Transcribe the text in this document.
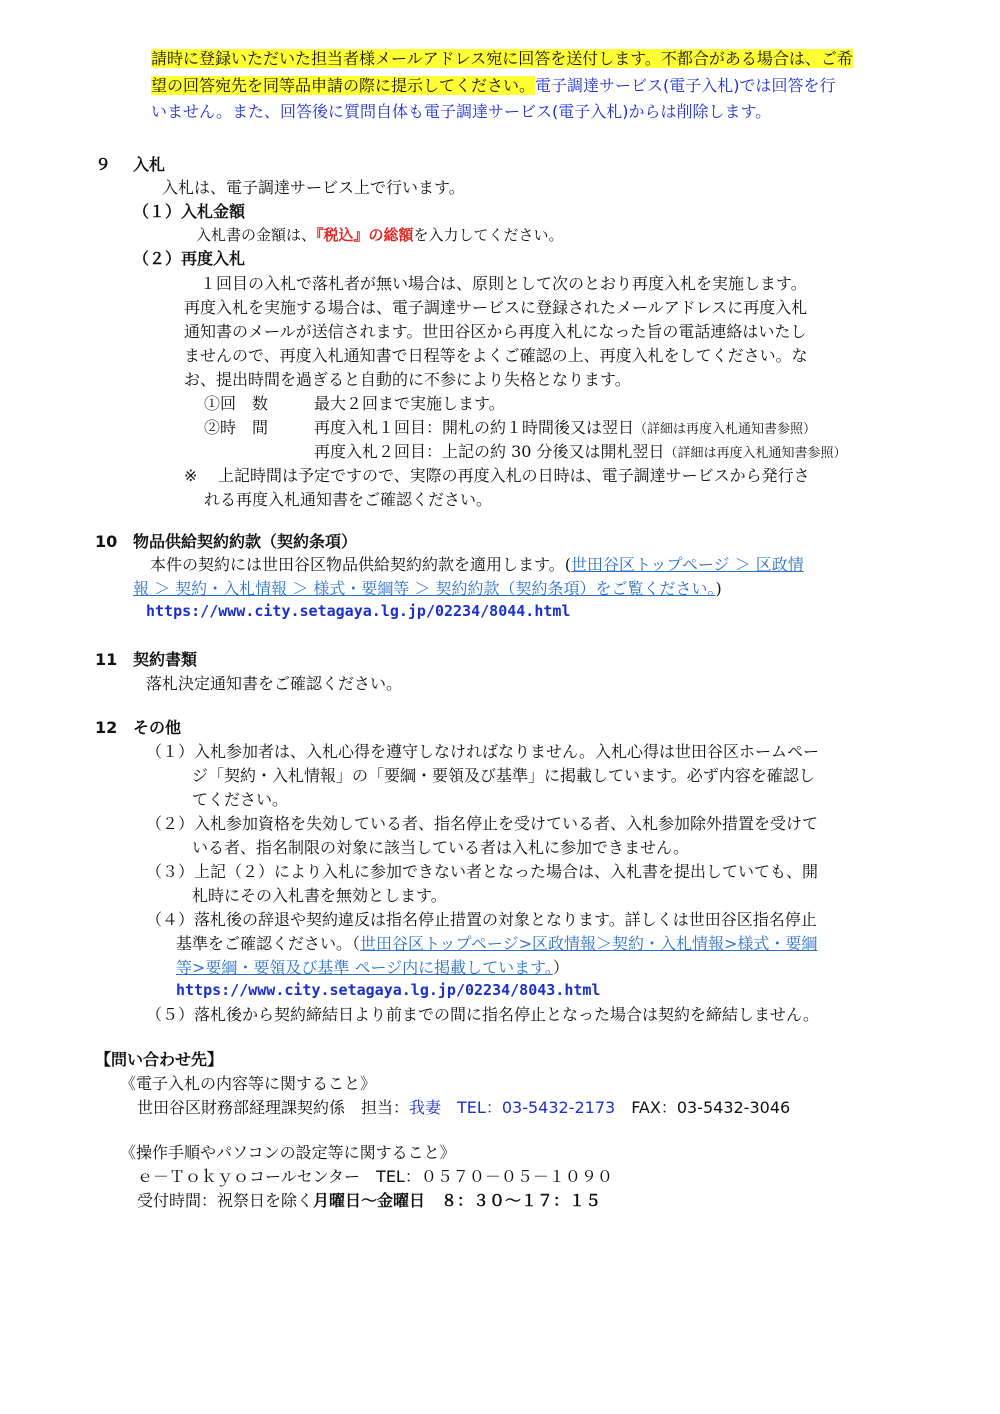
請時に登録いただいた担当者様メールアドレス宛に回答を送付します。不都合がある場合は、ご希
望の回答宛先を同等品申請の際に提示してください。電子調達サービス(電子入札)では回答を行
いません。また、回答後に質問自体も電子調達サービス(電子入札)からは削除します。
９ 入札
入札は、電子調達サービス上で行います。
（１）入札金額
入札書の金額は、『税込』の総額を入力してください。
（２）再度入札
１回目の入札で落札者が無い場合は、原則として次のとおり再度入札を実施します。
再度入札を実施する場合は、電子調達サービスに登録されたメールアドレスに再度入札
通知書のメールが送信されます。世田谷区から再度入札になった旨の電話連絡はいたし
ませんので、再度入札通知書で日程等をよくご確認の上、再度入札をしてください。な
お、提出時間を過ぎると自動的に不参により失格となります。
①回　数	最大２回まで実施します。
②時　間	再度入札１回目：開札の約１時間後又は翌日（詳細は再度入札通知書参照）
再度入札２回目：上記の約 30 分後又は開札翌日（詳細は再度入札通知書参照）
※ 上記時間は予定ですので、実際の再度入札の日時は、電子調達サービスから発行さ
れる再度入札通知書をご確認ください。
10 物品供給契約約款（契約条項）
本件の契約には世田谷区物品供給契約約款を適用します。(世田谷区トップページ ＞ 区政情
報 ＞ 契約・入札情報 ＞ 様式・要綱等 ＞ 契約約款（契約条項）をご覧ください。)
https://www.city.setagaya.lg.jp/02234/8044.html
11 契約書類
落札決定通知書をご確認ください。
12 その他
（１）入札参加者は、入札心得を遵守しなければなりません。入札心得は世田谷区ホームペー
ジ「契約・入札情報」の「要綱・要領及び基準」に掲載しています。必ず内容を確認し
てください。
（２）入札参加資格を失効している者、指名停止を受けている者、入札参加除外措置を受けて
いる者、指名制限の対象に該当している者は入札に参加できません。
（３）上記（２）により入札に参加できない者となった場合は、入札書を提出していても、開
札時にその入札書を無効とします。
（４）落札後の辞退や契約違反は指名停止措置の対象となります。詳しくは世田谷区指名停止
基準をご確認ください。（世田谷区トップページ>区政情報＞契約・入札情報>様式・要綱
等>要綱・要領及び基準 ページ内に掲載しています。）
https://www.city.setagaya.lg.jp/02234/8043.html
（５）落札後から契約締結日より前までの間に指名停止となった場合は契約を締結しません。
【問い合わせ先】
《電子入札の内容等に関すること》
世田谷区財務部経理課契約係　担当：我妻 TEL：03-5432-2173 FAX：03-5432-3046
《操作手順やパソコンの設定等に関すること》
ｅ－Ｔｏｋｙｏコールセンター　TEL：０５７０－０５－１０９０
受付時間：祝祭日を除く月曜日～金曜日　８：３０～１７：１５
